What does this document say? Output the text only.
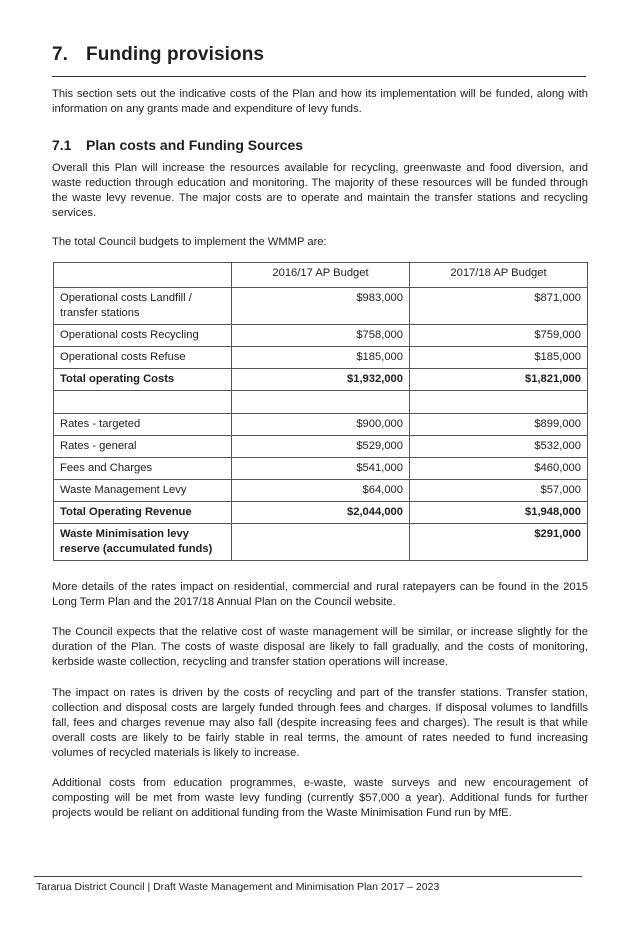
7. Funding provisions

This section sets out the indicative costs of the Plan and how its implementation will be funded, along with information on any grants made and expenditure of levy funds.

7.1 Plan costs and Funding Sources

Overall this Plan will increase the resources available for recycling, greenwaste and food diversion, and waste reduction through education and monitoring. The majority of these resources will be funded through the waste levy revenue. The major costs are to operate and maintain the transfer stations and recycling services.

The total Council budgets to implement the WMMP are:

	2016/17 AP Budget	2017/18 AP Budget
Operational costs Landfill / transfer stations	$983,000	$871,000
Operational costs Recycling	$758,000	$759,000
Operational costs Refuse	$185,000	$185,000
Total operating Costs	$1,932,000	$1,821,000

Rates - targeted	$900,000	$899,000
Rates - general	$529,000	$532,000
Fees and Charges	$541,000	$460,000
Waste Management Levy	$64,000	$57,000
Total Operating Revenue	$2,044,000	$1,948,000
Waste Minimisation levy reserve (accumulated funds)		$291,000

More details of the rates impact on residential, commercial and rural ratepayers can be found in the 2015 Long Term Plan and the 2017/18 Annual Plan on the Council website.

The Council expects that the relative cost of waste management will be similar, or increase slightly for the duration of the Plan. The costs of waste disposal are likely to fall gradually, and the costs of monitoring, kerbside waste collection, recycling and transfer station operations will increase.

The impact on rates is driven by the costs of recycling and part of the transfer stations. Transfer station, collection and disposal costs are largely funded through fees and charges. If disposal volumes to landfills fall, fees and charges revenue may also fall (despite increasing fees and charges). The result is that while overall costs are likely to be fairly stable in real terms, the amount of rates needed to fund increasing volumes of recycled materials is likely to increase.

Additional costs from education programmes, e-waste, waste surveys and new encouragement of composting will be met from waste levy funding (currently $57,000 a year). Additional funds for further projects would be reliant on additional funding from the Waste Minimisation Fund run by MfE.

Tararua District Council | Draft Waste Management and Minimisation Plan 2017 – 2023
